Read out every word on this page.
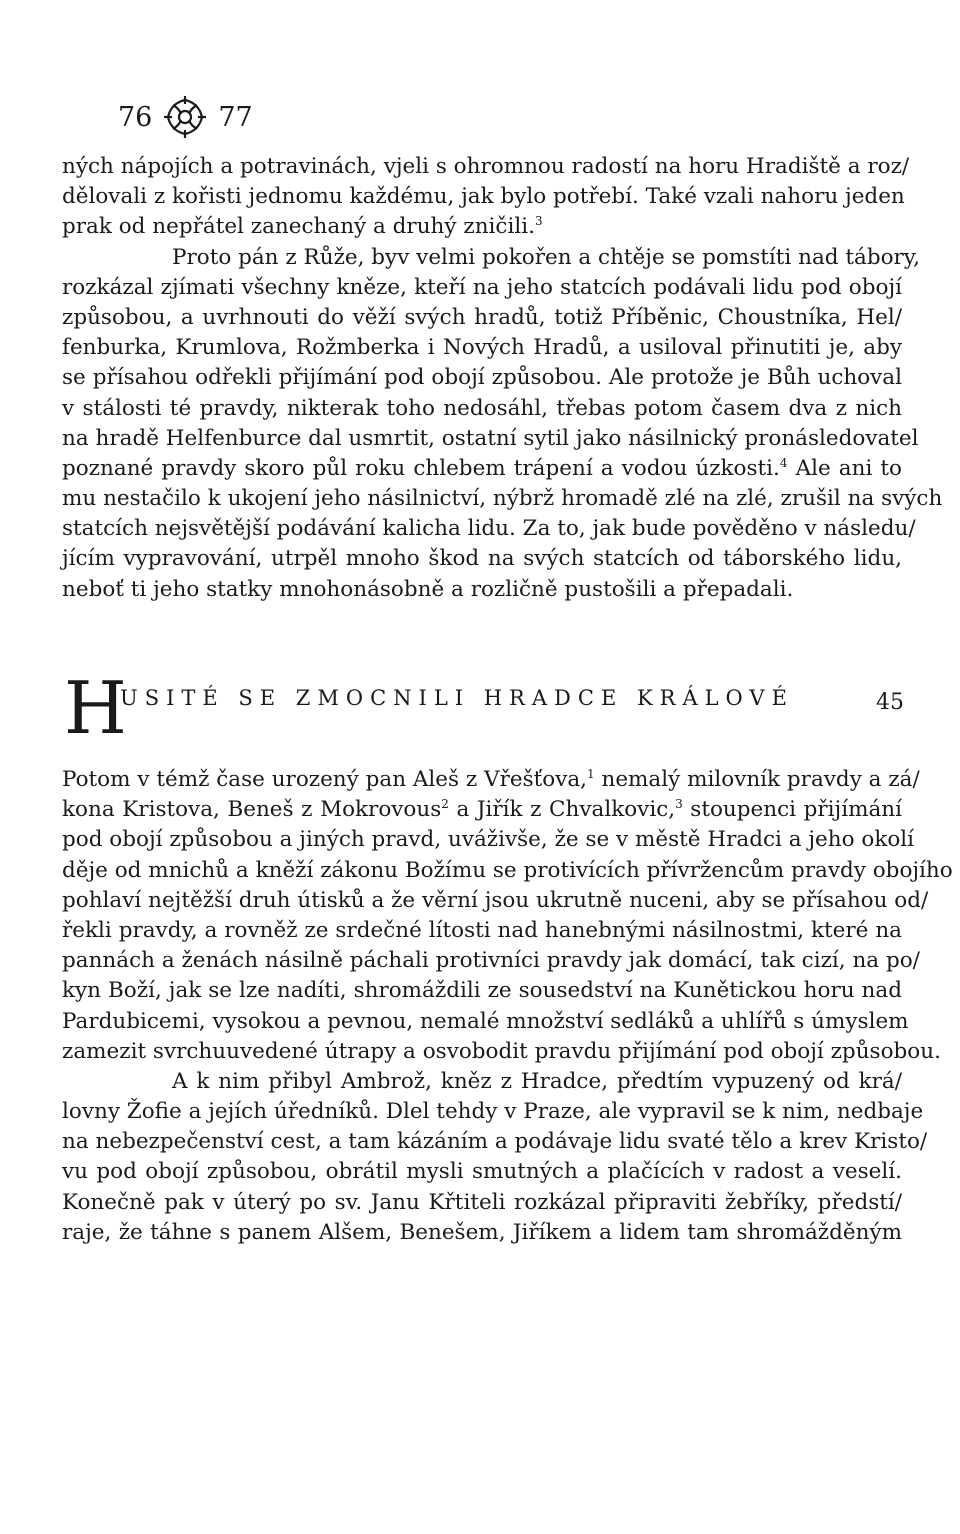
76 77
ných nápojích a potravinách, vjeli s ohromnou radostí na horu Hradiště a roz/
dělovali z kořisti jednomu každému, jak bylo potřebí. Také vzali nahoru jeden
prak od nepřátel zanechaný a druhý zničili.$^3$
Proto pán z Růže, byv velmi pokořen a chtěje se pomstíti nad tábory,
rozkázal zjímati všechny kněze, kteří na jeho statcích podávali lidu pod obojí
způsobou, a uvrhnouti do věží svých hradů, totiž Příběnic, Choustníka, Hel/
fenburka, Krumlova, Rožmberka i Nových Hradů, a usiloval přinutiti je, aby
se přísahou odřekli přijímání pod obojí způsobou. Ale protože je Bůh uchoval
v stálosti té pravdy, nikterak toho nedosáhl, třebas potom časem dva z nich
na hradě Helfenburce dal usmrtit, ostatní sytil jako násilnický pronásledovatel
poznané pravdy skoro půl roku chlebem trápení a vodou úzkosti.$^4$ Ale ani to
mu nestačilo k ukojení jeho násilnictví, nýbrž hromadě zlé na zlé, zrušil na svých
statcích nejsvětější podávání kalicha lidu. Za to, jak bude pověděno v následu/
jícím vypravování, utrpěl mnoho škod na svých statcích od táborského lidu,
neboť ti jeho statky mnohonásobně a rozličně pustošili a přepadali.
H
USITÉ SE ZMOCNILI HRADCE KRÁLOVÉ	45
Potom v témž čase urozený pan Aleš z Vřešťova,$^1$ nemalý milovník pravdy a zá/
kona Kristova, Beneš z Mokrovous$^2$ a Jiřík z Chvalkovic,$^3$ stoupenci přijímání
pod obojí způsobou a jiných pravd, uváživše, že se v městě Hradci a jeho okolí
děje od mnichů a kněží zákonu Božímu se protivících přívržencům pravdy obojího
pohlaví nejtěžší druh útisků a že věrní jsou ukrutně nuceni, aby se přísahou od/
řekli pravdy, a rovněž ze srdečné lítosti nad hanebnými násilnostmi, které na
pannách a ženách násilně páchali protivníci pravdy jak domácí, tak cizí, na po/
kyn Boží, jak se lze nadíti, shromáždili ze sousedství na Kunětickou horu nad
Pardubicemi, vysokou a pevnou, nemalé množství sedláků a uhlířů s úmyslem
zamezit svrchuuvedené útrapy a osvobodit pravdu přijímání pod obojí způsobou.
A k nim přibyl Ambrož, kněz z Hradce, předtím vypuzený od krá/
lovny Žofie a jejích úředníků. Dlel tehdy v Praze, ale vypravil se k nim, nedbaje
na nebezpečenství cest, a tam kázáním a podávaje lidu svaté tělo a krev Kristo/
vu pod obojí způsobou, obrátil mysli smutných a plačících v radost a veselí.
Konečně pak v úterý po sv. Janu Křtiteli rozkázal připraviti žebříky, předstí/
raje, že táhne s panem Alšem, Benešem, Jiříkem a lidem tam shromážděným
